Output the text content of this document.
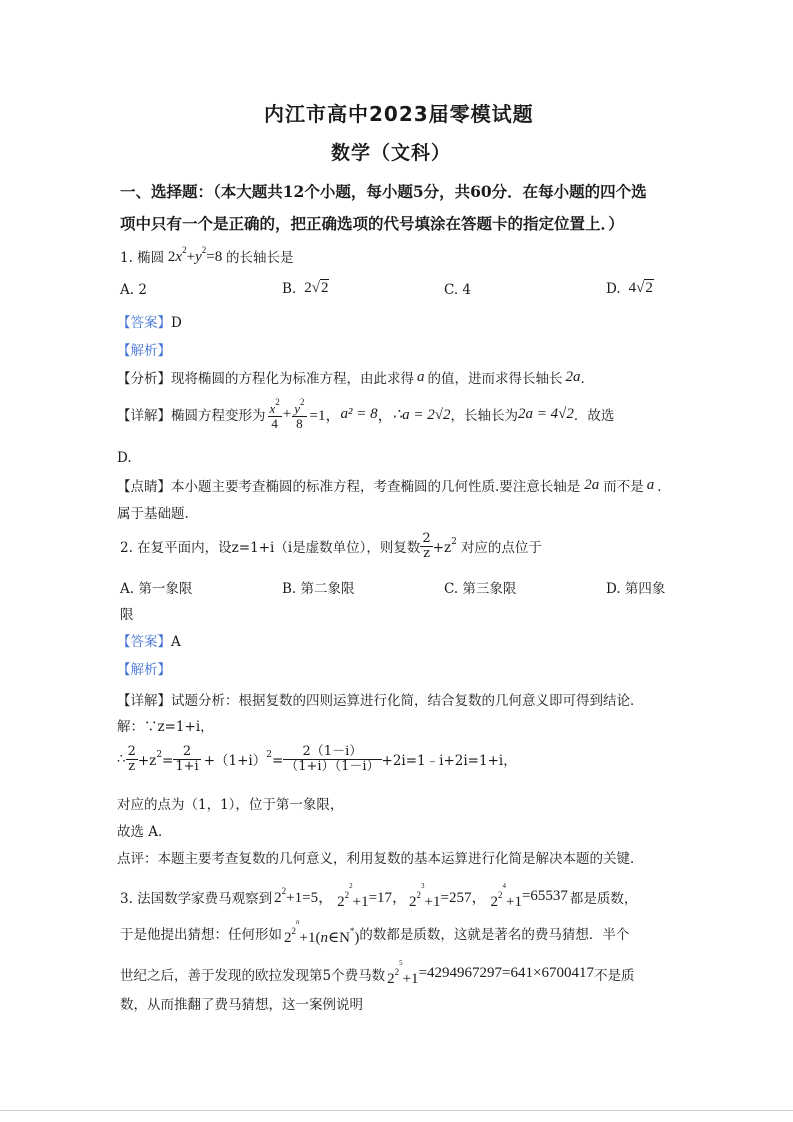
内江市高中2023届零模试题
数学（文科）
一、选择题：（本大题共12个小题，每小题5分，共60分．在每小题的四个选
项中只有一个是正确的，把正确选项的代号填涂在答题卡的指定位置上．）
1. 椭圆 $2x^2+y^2=8$ 的长轴长是
A. 2	B. 2√2	C. 4	D. 4√2
【答案】D
【解析】
【分析】 现将椭圆的方程化为标准方程，由此求得 a 的值，进而求得长轴长 2a ．
【详解】 椭圆方程变形为 $\frac{x^2}{4} + \frac{y^2}{8} =1$， a² = 8 ， ∴a = 2√2 ，长轴长为 2a = 4√2 ．故选
D.
【点睛】 本小题主要考查椭圆的标准方程，考查椭圆的几何性质.要注意长轴是 2a 而不是 a ．
属于基础题.
2. 在复平面内，设z=1+i（i是虚数单位），则复数 $\frac{2}{z} +z^2$ 对应的点位于
A. 第一象限	B. 第二象限	C. 第三象限	D. 第四象
限
【答案】A
【解析】
【详解】试题分析：根据复数的四则运算进行化简，结合复数的几何意义即可得到结论．
解：∵z=1+i，
∴ $\frac{2}{z} +z^2= \frac{2}{1+i} +(1+i)^2= \frac{2(1-i)}{(1+i)(1-i)}$ +2i=1﹣i+2i=1+i，
对应的点为（1，1），位于第一象限，
故选 A．
点评：本题主要考查复数的几何意义，利用复数的基本运算进行化简是解决本题的关键．
3. 法国数学家费马观察到 $2^2+1 =5$， $2^{2^2}+1 =17$， $2^{2^3}+1 =257$， $2^{2^4}+1 =65537$ 都是质数，
于是他提出猜想：任何形如 $2^{2^n}+1(n\in N^*)$ 的数都是质数，这就是著名的费马猜想．半个
世纪之后，善于发现的欧拉发现第5个费马数 $2^{2^5}+1 =4294967297=641\times 6700417$ 不是质
数，从而推翻了费马猜想，这一案例说明
